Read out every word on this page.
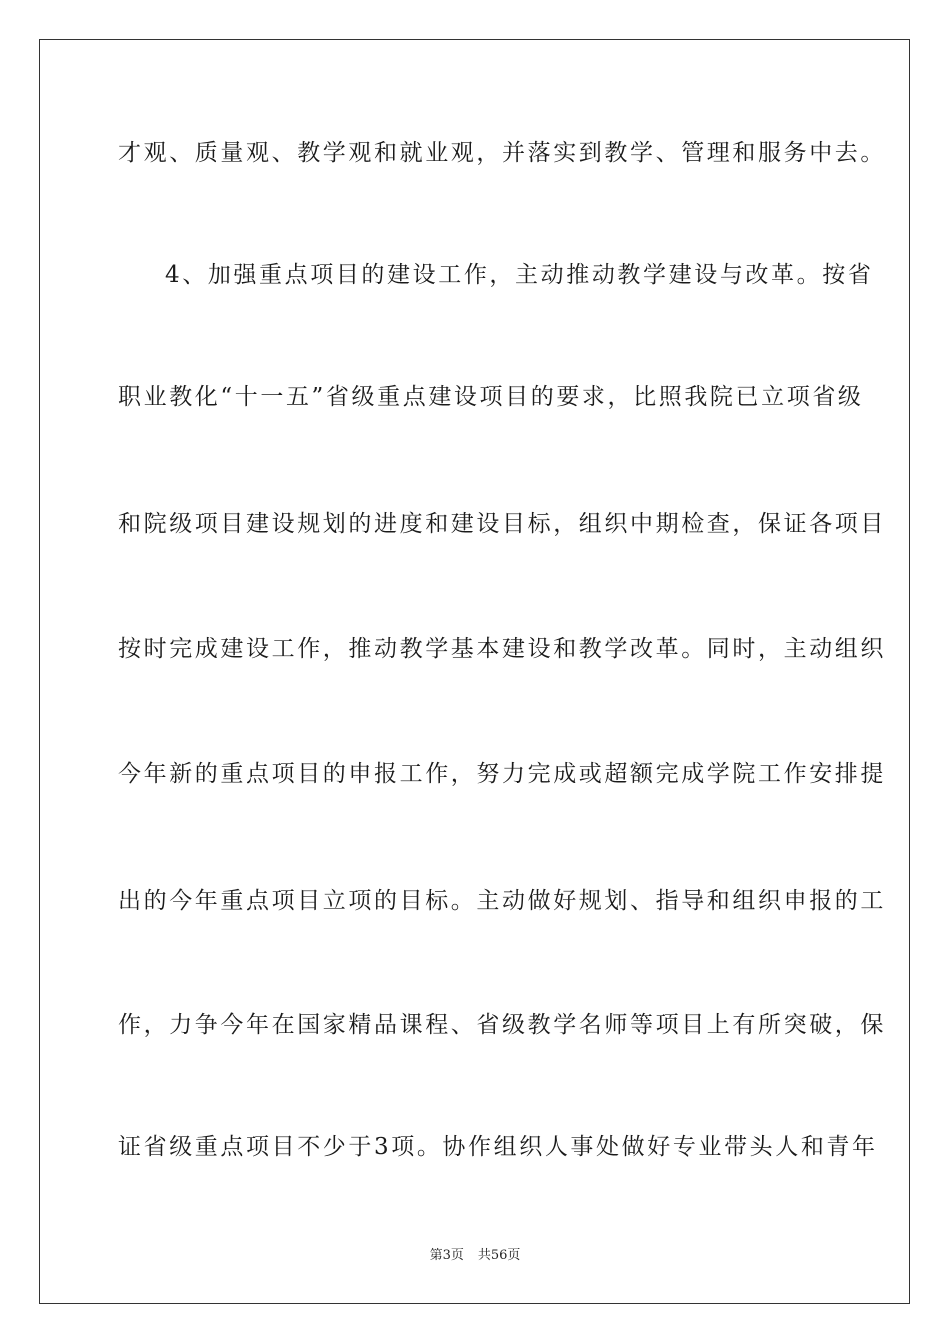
才观、质量观、教学观和就业观，并落实到教学、管理和服务中去。
4、加强重点项目的建设工作，主动推动教学建设与改革。按省
职业教化“十一五”省级重点建设项目的要求，比照我院已立项省级
和院级项目建设规划的进度和建设目标，组织中期检查，保证各项目
按时完成建设工作，推动教学基本建设和教学改革。同时，主动组织
今年新的重点项目的申报工作，努力完成或超额完成学院工作安排提
出的今年重点项目立项的目标。主动做好规划、指导和组织申报的工
作，力争今年在国家精品课程、省级教学名师等项目上有所突破，保
证省级重点项目不少于3项。协作组织人事处做好专业带头人和青年
第3页 共56页
